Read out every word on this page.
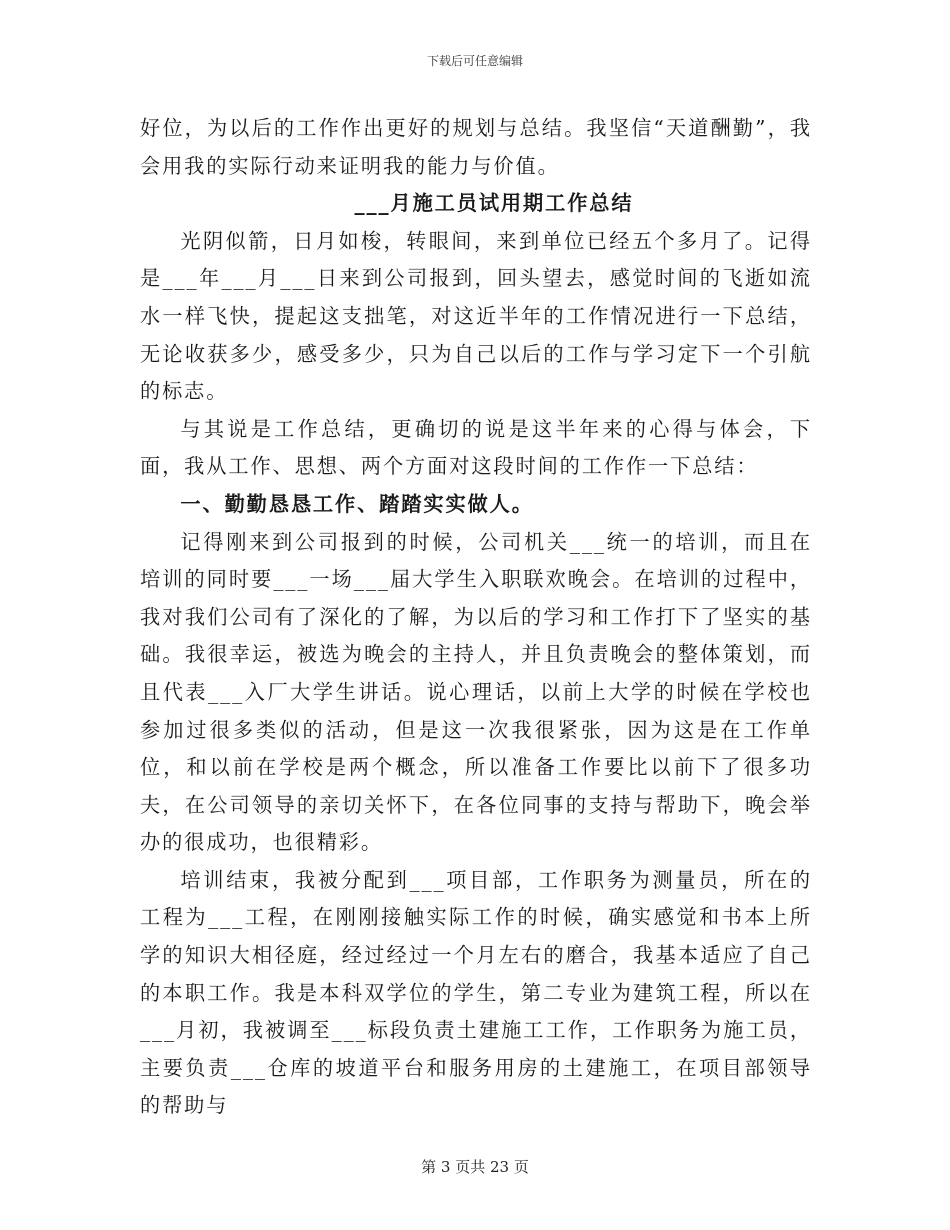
下载后可任意编辑

好位，为以后的工作作出更好的规划与总结。我坚信“天道酬勤”，我会用我的实际行动来证明我的能力与价值。

___月施工员试用期工作总结

光阴似箭，日月如梭，转眼间，来到单位已经五个多月了。记得是___年___月___日来到公司报到，回头望去，感觉时间的飞逝如流水一样飞快，提起这支拙笔，对这近半年的工作情况进行一下总结，无论收获多少，感受多少，只为自己以后的工作与学习定下一个引航的标志。

与其说是工作总结，更确切的说是这半年来的心得与体会，下面，我从工作、思想、两个方面对这段时间的工作作一下总结：

一、勤勤恳恳工作、踏踏实实做人。

记得刚来到公司报到的时候，公司机关___统一的培训，而且在培训的同时要___一场___届大学生入职联欢晚会。在培训的过程中，我对我们公司有了深化的了解，为以后的学习和工作打下了坚实的基础。我很幸运，被选为晚会的主持人，并且负责晚会的整体策划，而且代表___入厂大学生讲话。说心理话，以前上大学的时候在学校也参加过很多类似的活动，但是这一次我很紧张，因为这是在工作单位，和以前在学校是两个概念，所以准备工作要比以前下了很多功夫，在公司领导的亲切关怀下，在各位同事的支持与帮助下，晚会举办的很成功，也很精彩。

培训结束，我被分配到___项目部，工作职务为测量员，所在的工程为___工程，在刚刚接触实际工作的时候，确实感觉和书本上所学的知识大相径庭，经过经过一个月左右的磨合，我基本适应了自己的本职工作。我是本科双学位的学生，第二专业为建筑工程，所以在___月初，我被调至___标段负责土建施工工作，工作职务为施工员，主要负责___仓库的坡道平台和服务用房的土建施工，在项目部领导的帮助与

第 3 页共 23 页
